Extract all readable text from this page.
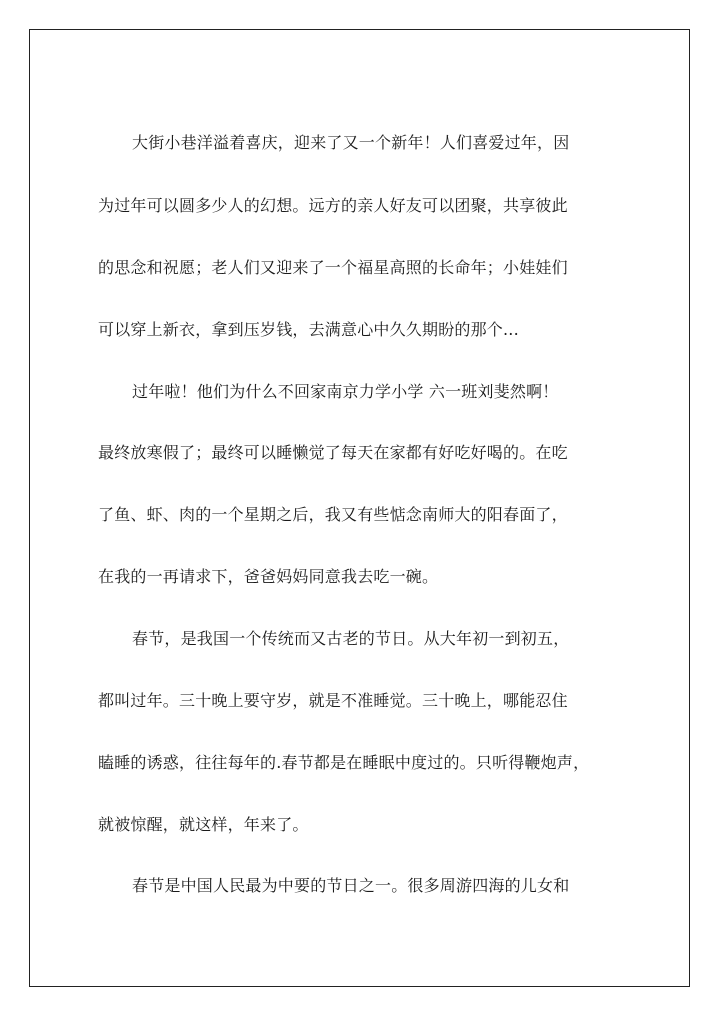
大街小巷洋溢着喜庆，迎来了又一个新年！人们喜爱过年，因
为过年可以圆多少人的幻想。远方的亲人好友可以团聚，共享彼此
的思念和祝愿；老人们又迎来了一个福星高照的长命年；小娃娃们
可以穿上新衣，拿到压岁钱，去满意心中久久期盼的那个...
过年啦！他们为什么不回家南京力学小学 六一班刘斐然啊！
最终放寒假了；最终可以睡懒觉了每天在家都有好吃好喝的。在吃
了鱼、虾、肉的一个星期之后，我又有些惦念南师大的阳春面了，
在我的一再请求下，爸爸妈妈同意我去吃一碗。
春节，是我国一个传统而又古老的节日。从大年初一到初五，
都叫过年。三十晚上要守岁，就是不准睡觉。三十晚上，哪能忍住
瞌睡的诱惑，往往每年的.春节都是在睡眠中度过的。只听得鞭炮声，
就被惊醒，就这样，年来了。
春节是中国人民最为中要的节日之一。很多周游四海的儿女和
